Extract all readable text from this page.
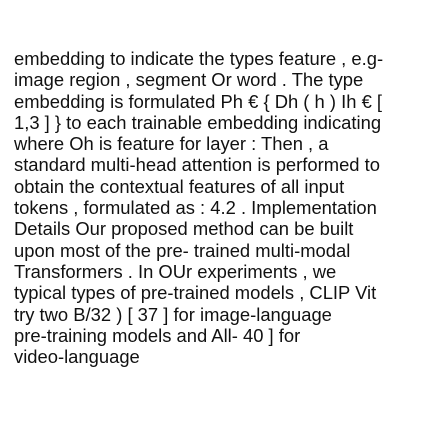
embedding to indicate the types feature , e.g-
image region , segment Or word . The type
embedding is formulated Ph € { Dh ( h ) Ih € [
1,3 ] } to each trainable embedding indicating
where Oh is feature for layer : Then , a
standard multi-head attention is performed to
obtain the contextual features of all input
tokens , formulated as : 4.2 . Implementation
Details Our proposed method can be built
upon most of the pre- trained multi-modal
Transformers . In OUr experiments , we
typical types of pre-trained models , CLIP Vit
try two B/32 ) [ 37 ] for image-language
pre-training models and All- 40 ] for
video-language
